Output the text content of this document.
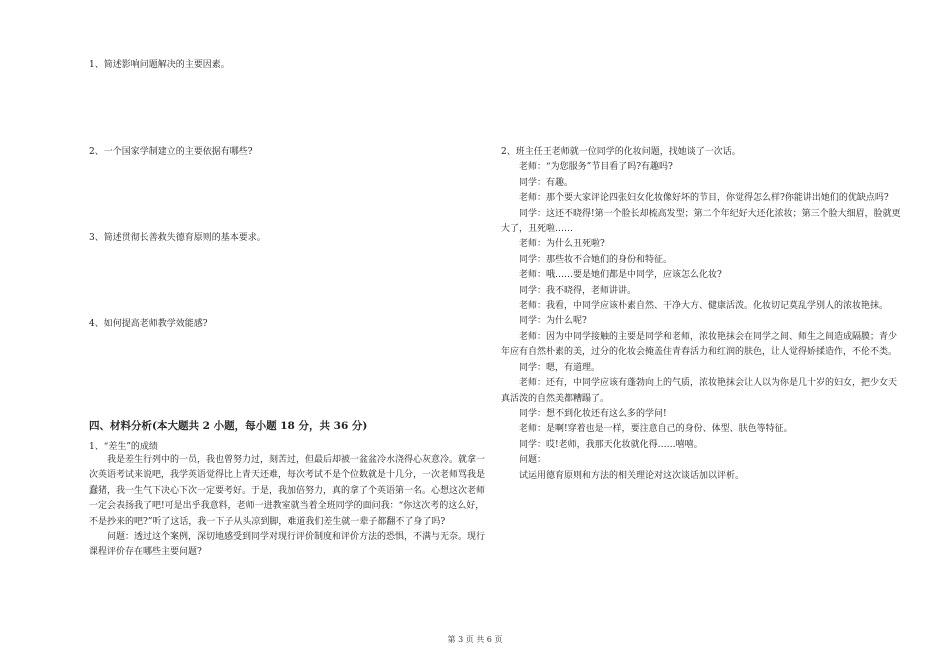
1、简述影响问题解决的主要因素。
2、一个国家学制建立的主要依据有哪些?
3、简述贯彻长善救失德育原则的基本要求。
4、如何提高老师教学效能感?
四、材料分析(本大题共 2 小题，每小题 18 分，共 36 分)
1、“差生”的成绩

我是差生行列中的一员，我也曾努力过，刻苦过，但最后却被一盆盆冷水浇得心灰意冷。就拿一次英语考试来说吧，我学英语觉得比上青天还难，每次考试不是个位数就是十几分，一次老师骂我是蠢猪，我一生气下决心下次一定要考好。于是，我加倍努力，真的拿了个英语第一名。心想这次老师一定会表扬我了吧!可是出乎我意料，老师一进教室就当着全班同学的面问我：“你这次考的这么好，不是抄来的吧?”听了这话，我一下子从头凉到脚，难道我们差生就一辈子都翻不了身了吗?

问题：透过这个案例，深切地感受到同学对现行评价制度和评价方法的恐惧，不满与无奈。现行课程评价存在哪些主要问题?

2、班主任王老师就一位同学的化妆问题，找她谈了一次话。

老师：“为您服务”节目看了吗?有趣吗?

同学：有趣。

老师：那个要大家评论四张妇女化妆像好坏的节目，你觉得怎么样?你能讲出她们的优缺点吗?

同学：这还不晓得!第一个脸长却梳高发型；第二个年纪好大还化浓妆；第三个脸大细眉，脸就更大了，丑死啦……

老师：为什么丑死啦?

同学：那些妆不合她们的身份和特征。

老师：哦……要是她们都是中同学，应该怎么化妆?

同学：我不晓得，老师讲讲。

老师：我看，中同学应该朴素自然、干净大方、健康活泼。化妆切记莫乱学别人的浓妆艳抹。

同学：为什么呢?

老师：因为中同学接触的主要是同学和老师，浓妆艳抹会在同学之间、师生之间造成隔膜；青少年应有自然朴素的美，过分的化妆会掩盖住青春活力和红润的肤色，让人觉得娇揉造作，不伦不类。

同学：嗯，有道理。

老师：还有，中同学应该有蓬勃向上的气质，浓妆艳抹会让人以为你是几十岁的妇女，把少女天真活泼的自然美都糟蹋了。

同学：想不到化妆还有这么多的学问!

老师：是啊!穿着也是一样，要注意自己的身份、体型、肤色等特征。

同学：哎!老师，我那天化妆就化得……嘻嘻。

问题：

试运用德育原则和方法的相关理论对这次谈话加以评析。

第 3 页 共 6 页
